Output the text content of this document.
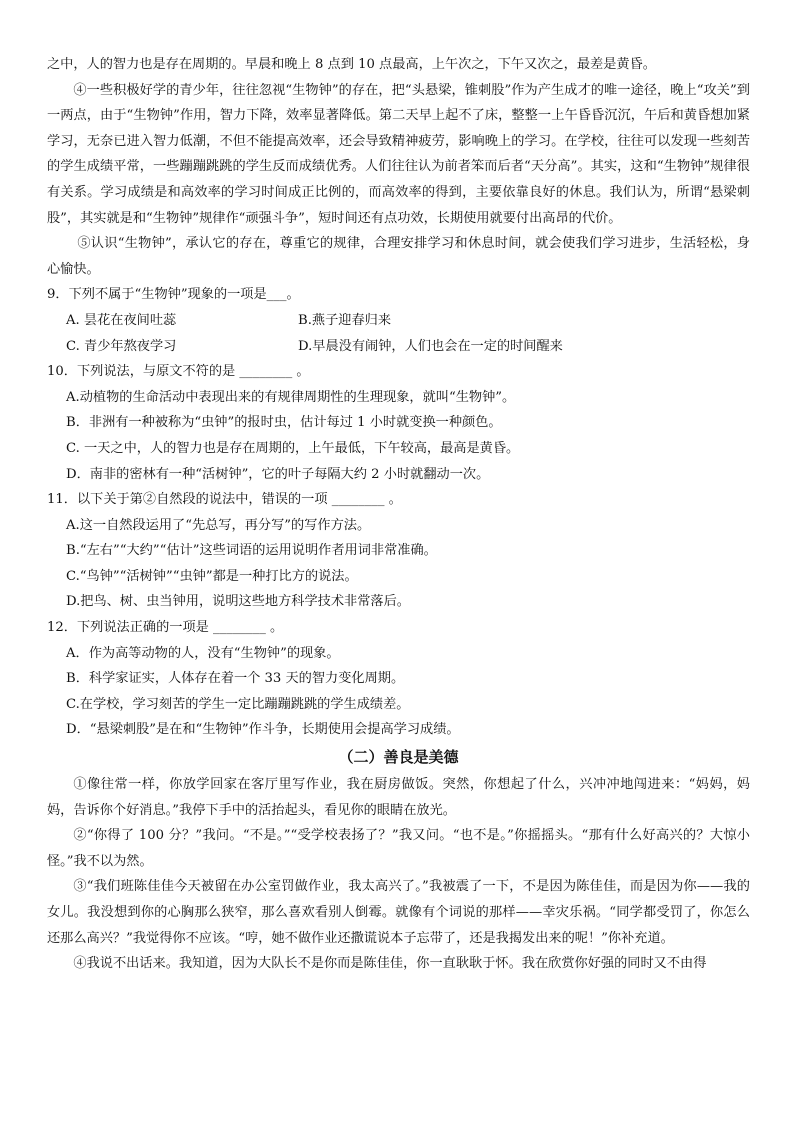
之中，人的智力也是存在周期的。早晨和晚上 8 点到 10 点最高，上午次之，下午又次之，最差是黄昏。

④一些积极好学的青少年，往往忽视“生物钟”的存在，把“头悬梁，锥刺股”作为产生成才的唯一途径，晚上“攻关”到一两点，由于“生物钟”作用，智力下降，效率显著降低。第二天早上起不了床，整整一上午昏昏沉沉，午后和黄昏想加紧学习，无奈已进入智力低潮，不但不能提高效率，还会导致精神疲劳，影响晚上的学习。在学校，往往可以发现一些刻苦的学生成绩平常，一些蹦蹦跳跳的学生反而成绩优秀。人们往往认为前者笨而后者“天分高”。其实，这和“生物钟”规律很有关系。学习成绩是和高效率的学习时间成正比例的，而高效率的得到，主要依靠良好的休息。我们认为，所谓“悬梁刺股”，其实就是和“生物钟”规律作“顽强斗争”，短时间还有点功效，长期使用就要付出高昂的代价。

⑤认识“生物钟”，承认它的存在，尊重它的规律，合理安排学习和休息时间，就会使我们学习进步，生活轻松，身心愉快。

9．下列不属于“生物钟”现象的一项是___。

A. 昙花在夜间吐蕊	B.燕子迎春归来
C. 青少年熬夜学习	D.早晨没有闹钟，人们也会在一定的时间醒来

10．下列说法，与原文不符的是 ________ 。

A.动植物的生命活动中表现出来的有规律周期性的生理现象，就叫“生物钟”。

B．非洲有一种被称为“虫钟”的报时虫，估计每过 1 小时就变换一种颜色。

C. 一天之中，人的智力也是存在周期的，上午最低，下午较高，最高是黄昏。

D．南非的密林有一种“活树钟”，它的叶子每隔大约 2 小时就翻动一次。

11．以下关于第②自然段的说法中，错误的一项 ________ 。

A.这一自然段运用了“先总写，再分写”的写作方法。

B.“左右”“大约”“估计”这些词语的运用说明作者用词非常准确。

C.“鸟钟”“活树钟”“虫钟”都是一种打比方的说法。

D.把鸟、树、虫当钟用，说明这些地方科学技术非常落后。

12．下列说法正确的一项是 ________ 。

A．作为高等动物的人，没有“生物钟”的现象。

B．科学家证实，人体存在着一个 33 天的智力变化周期。

C.在学校，学习刻苦的学生一定比蹦蹦跳跳的学生成绩差。

D．“悬梁刺股”是在和“生物钟”作斗争，长期使用会提高学习成绩。

（二）善良是美德

①像往常一样，你放学回家在客厅里写作业，我在厨房做饭。突然，你想起了什么，兴冲冲地闯进来：“妈妈，妈妈，告诉你个好消息。”我停下手中的活抬起头，看见你的眼睛在放光。

②“你得了 100 分？”我问。“不是。”“受学校表扬了？”我又问。“也不是。”你摇摇头。“那有什么好高兴的？大惊小怪。”我不以为然。

③“我们班陈佳佳今天被留在办公室罚做作业，我太高兴了。”我被震了一下，不是因为陈佳佳，而是因为你——我的女儿。我没想到你的心胸那么狭窄，那么喜欢看别人倒霉。就像有个词说的那样——幸灾乐祸。“同学都受罚了，你怎么还那么高兴？”我觉得你不应该。“哼，她不做作业还撒谎说本子忘带了，还是我揭发出来的呢！”你补充道。

④我说不出话来。我知道，因为大队长不是你而是陈佳佳，你一直耿耿于怀。我在欣赏你好强的同时又不由得
